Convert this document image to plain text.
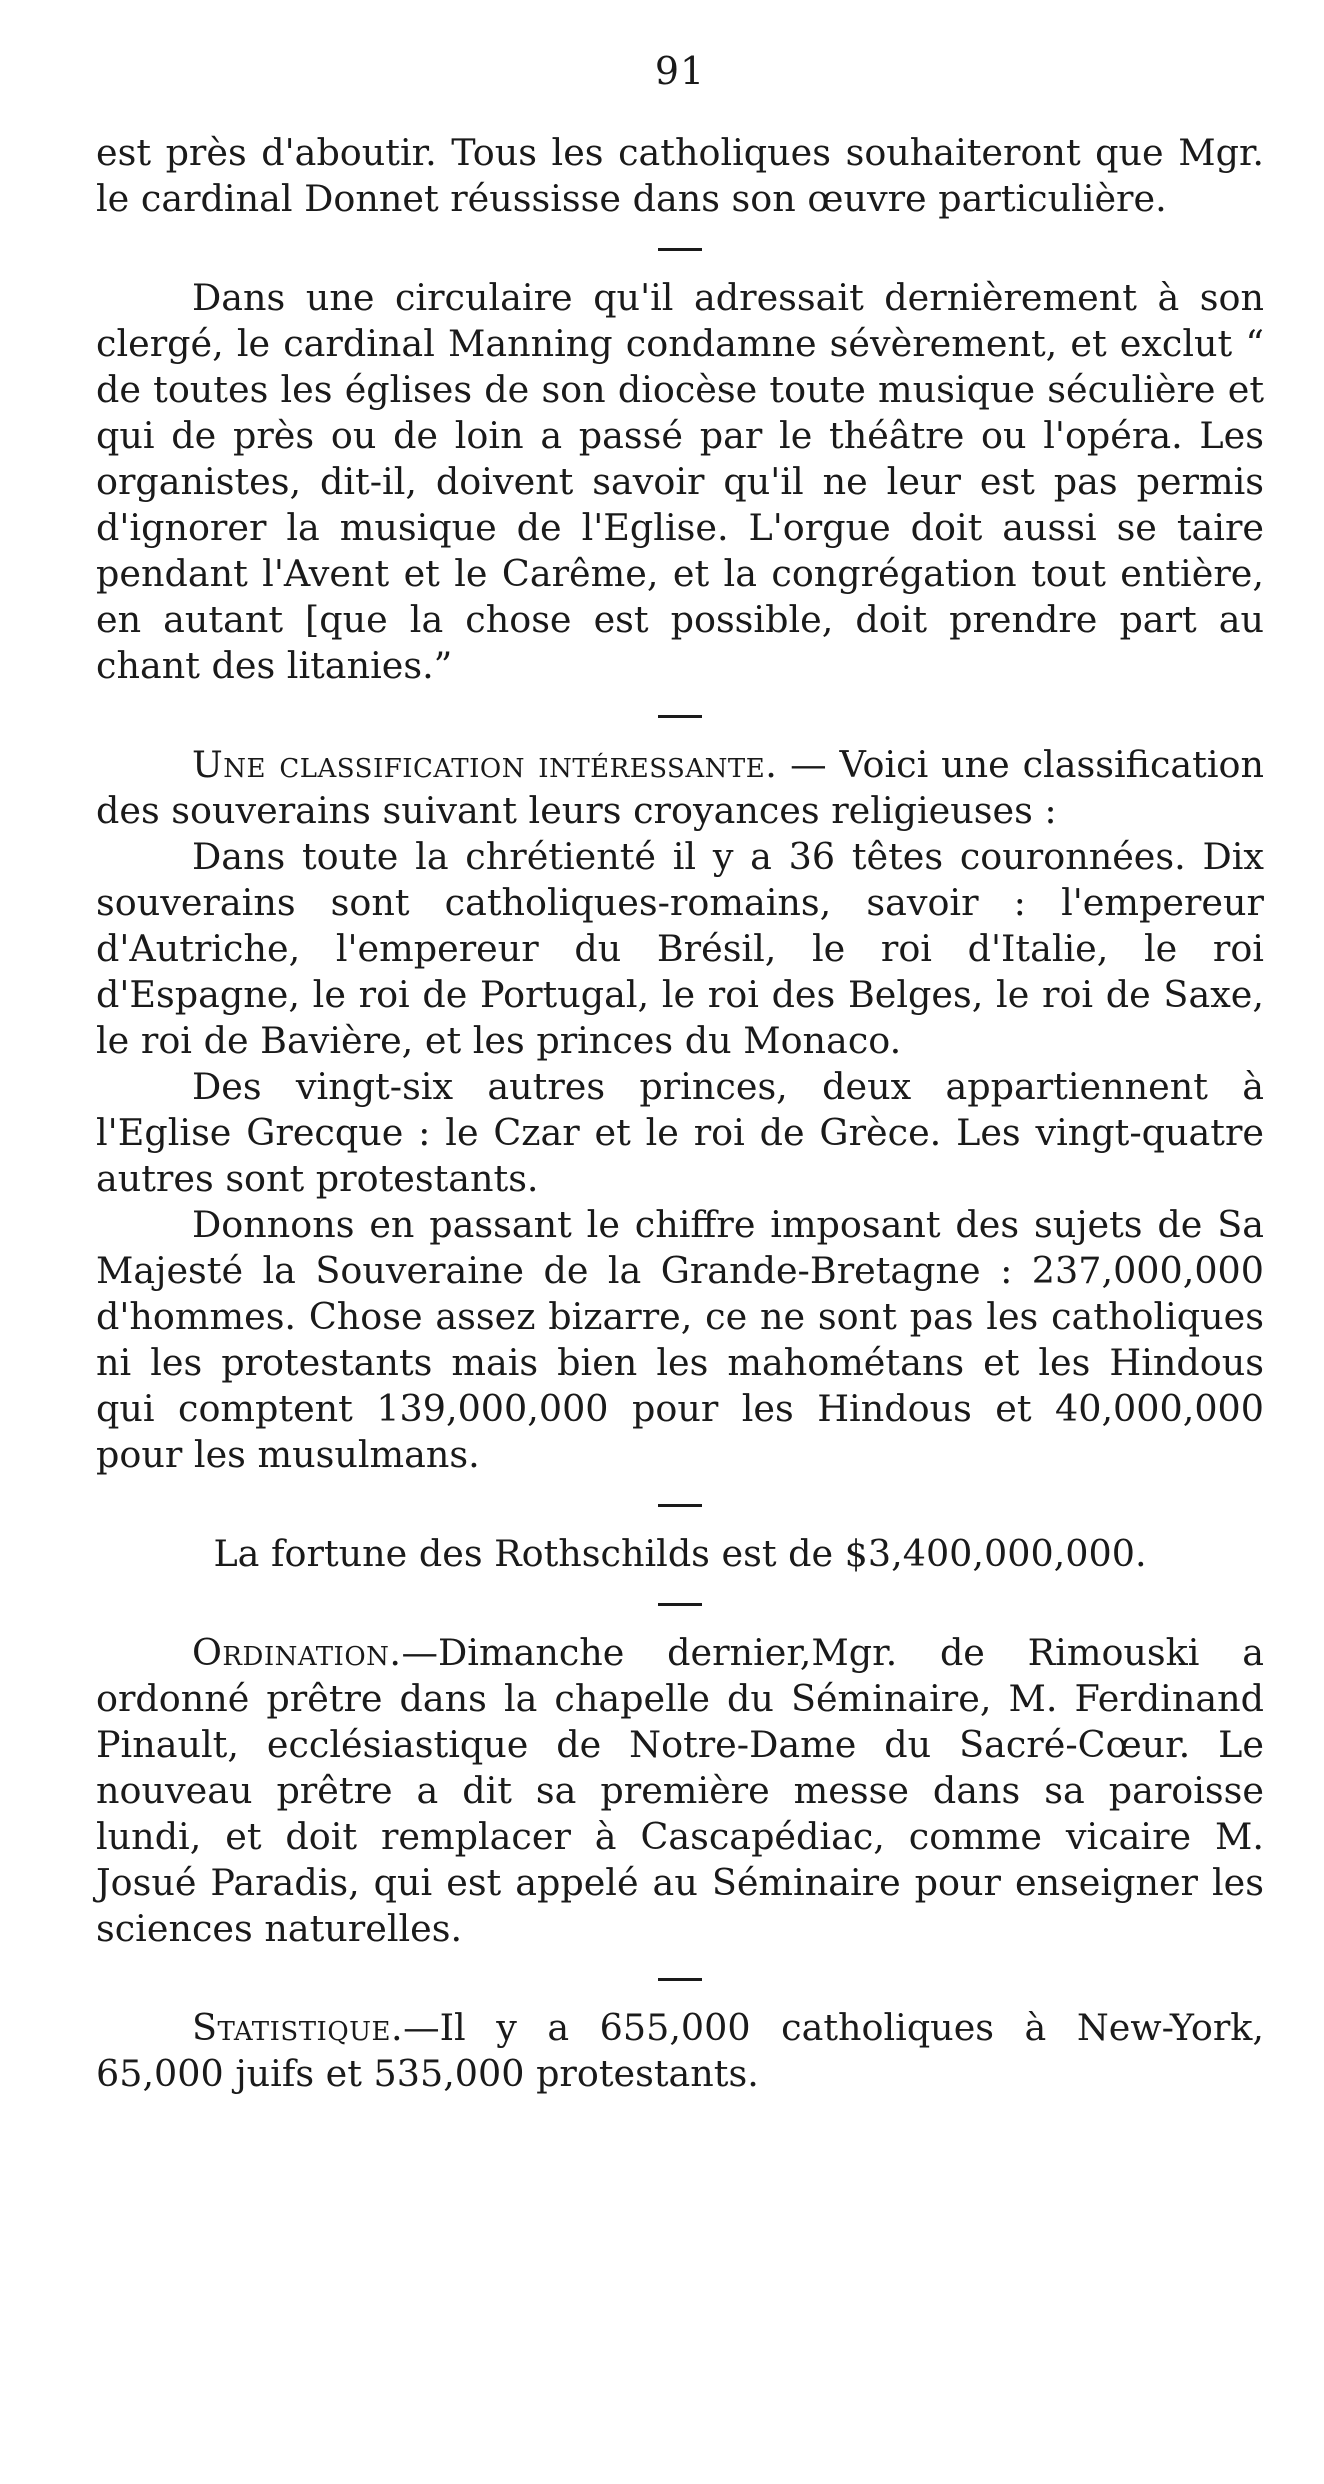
91

est près d'aboutir. Tous les catholiques souhaiteront que Mgr. le cardinal Donnet réussisse dans son œuvre particulière.

Dans une circulaire qu'il adressait dernièrement à son clergé, le cardinal Manning condamne sévèrement, et exclut “ de toutes les églises de son diocèse toute musique séculière et qui de près ou de loin a passé par le théâtre ou l'opéra. Les organistes, dit-il, doivent savoir qu'il ne leur est pas permis d'ignorer la musique de l'Eglise. L'orgue doit aussi se taire pendant l'Avent et le Carême, et la congrégation tout entière, en autant [que la chose est possible, doit prendre part au chant des litanies.”

Une classification intéressante. — Voici une classification des souverains suivant leurs croyances religieuses :

Dans toute la chrétienté il y a 36 têtes couronnées. Dix souverains sont catholiques-romains, savoir : l'empereur d'Autriche, l'empereur du Brésil, le roi d'Italie, le roi d'Espagne, le roi de Portugal, le roi des Belges, le roi de Saxe, le roi de Bavière, et les princes du Monaco.

Des vingt-six autres princes, deux appartiennent à l'Eglise Grecque : le Czar et le roi de Grèce. Les vingt-quatre autres sont protestants.

Donnons en passant le chiffre imposant des sujets de Sa Majesté la Souveraine de la Grande-Bretagne : 237,000,000 d'hommes. Chose assez bizarre, ce ne sont pas les catholiques ni les protestants mais bien les mahométans et les Hindous qui comptent 139,000,000 pour les Hindous et 40,000,000 pour les musulmans.

La fortune des Rothschilds est de $3,400,000,000.

Ordination.—Dimanche dernier,Mgr. de Rimouski a ordonné prêtre dans la chapelle du Séminaire, M. Ferdinand Pinault, ecclésiastique de Notre-Dame du Sacré-Cœur. Le nouveau prêtre a dit sa première messe dans sa paroisse lundi, et doit remplacer à Cascapédiac, comme vicaire M. Josué Paradis, qui est appelé au Séminaire pour enseigner les sciences naturelles.

Statistique.—Il y a 655,000 catholiques à New-York, 65,000 juifs et 535,000 protestants.
